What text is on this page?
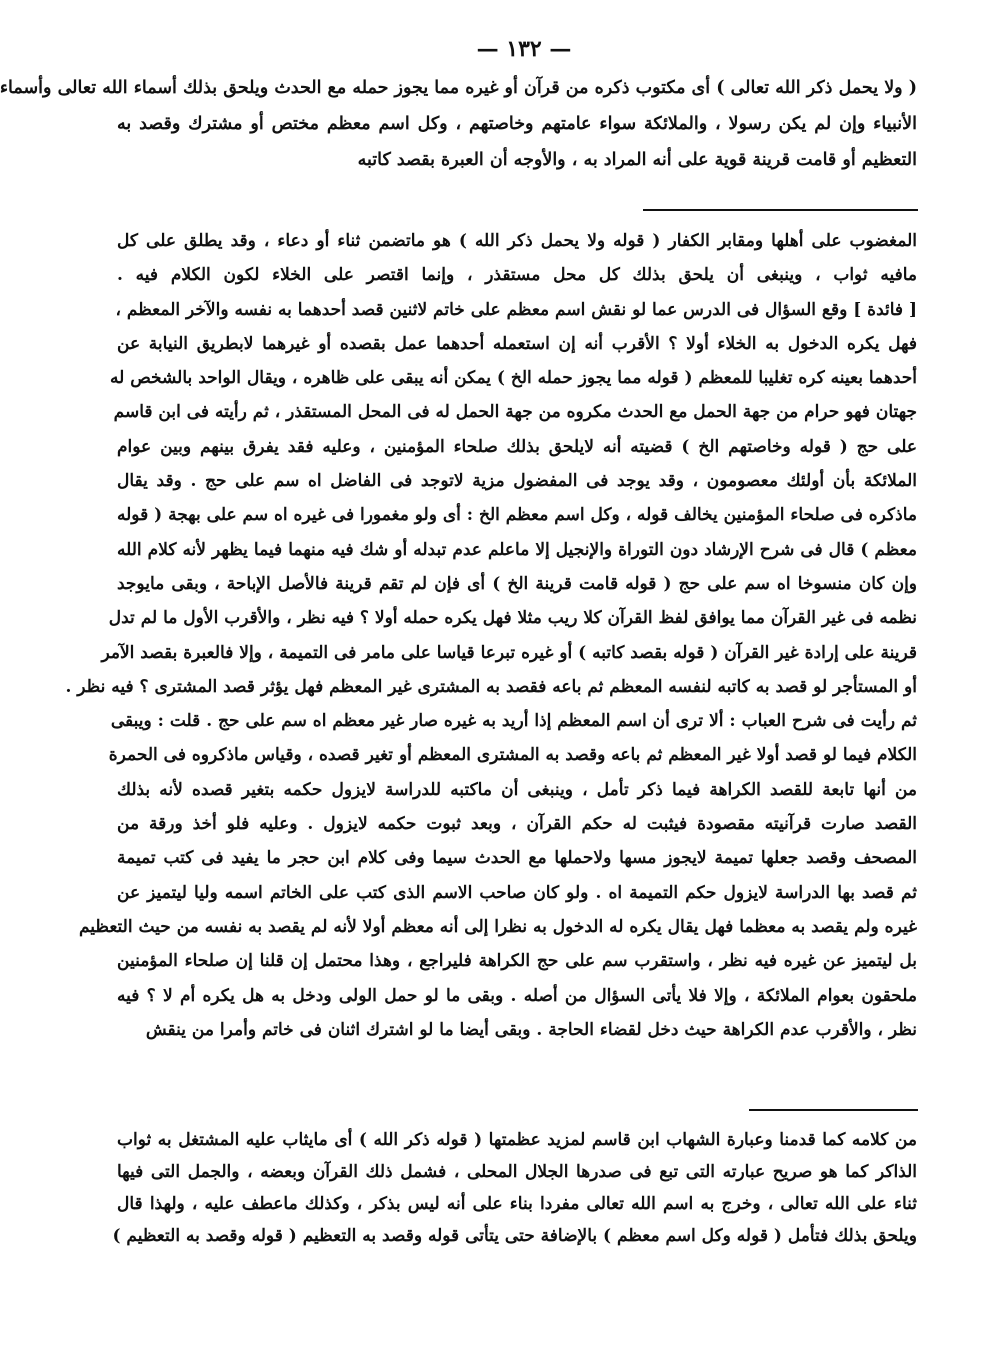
— ١٣٢ —
( ولا يحمل ذكر الله تعالى ) أى مكتوب ذكره من قرآن أو غيره مما يجوز حمله مع الحدث ويلحق بذلك أسماء الله تعالى وأسماء
الأنبياء وإن لم يكن رسولا ، والملائكة سواء عامتهم وخاصتهم ، وكل اسم معظم مختص أو مشترك وقصد به
التعظيم أو قامت قرينة قوية على أنه المراد به ، والأوجه أن العبرة بقصد كاتبه
المغضوب على أهلها ومقابر الكفار ( قوله ولا يحمل ذكر الله ) هو ماتضمن ثناء أو دعاء ، وقد يطلق على كل
مافيه ثواب ، وينبغى أن يلحق بذلك كل محل مستقذر ، وإنما اقتصر على الخلاء لكون الكلام فيه .
[ فائدة ] وقع السؤال فى الدرس عما لو نقش اسم معظم على خاتم لاثنين قصد أحدهما به نفسه والآخر المعظم ،
فهل يكره الدخول به الخلاء أولا ؟ الأقرب أنه إن استعمله أحدهما عمل بقصده أو غيرهما لابطريق النيابة عن
أحدهما بعينه كره تغليبا للمعظم ( قوله مما يجوز حمله الخ ) يمكن أنه يبقى على ظاهره ، ويقال الواحد بالشخص له
جهتان فهو حرام من جهة الحمل مع الحدث مكروه من جهة الحمل له فى المحل المستقذر ، ثم رأيته فى ابن قاسم
على حج ( قوله وخاصتهم الخ ) قضيته أنه لايلحق بذلك صلحاء المؤمنين ، وعليه فقد يفرق بينهم وبين عوام
الملائكة بأن أولئك معصومون ، وقد يوجد فى المفضول مزية لاتوجد فى الفاضل اه سم على حج . وقد يقال
ماذكره فى صلحاء المؤمنين يخالف قوله ، وكل اسم معظم الخ : أى ولو مغمورا فى غيره اه سم على بهجة ( قوله
معظم ) قال فى شرح الإرشاد دون التوراة والإنجيل إلا ماعلم عدم تبدله أو شك فيه منهما فيما يظهر لأنه كلام الله
وإن كان منسوخا اه سم على حج ( قوله قامت قرينة الخ ) أى فإن لم تقم قرينة فالأصل الإباحة ، وبقى مايوجد
نظمه فى غير القرآن مما يوافق لفظ القرآن كلا ريب مثلا فهل يكره حمله أولا ؟ فيه نظر ، والأقرب الأول ما لم تدل
قرينة على إرادة غير القرآن ( قوله بقصد كاتبه ) أو غيره تبرعا قياسا على مامر فى التميمة ، وإلا فالعبرة بقصد الآمر
أو المستأجر لو قصد به كاتبه لنفسه المعظم ثم باعه فقصد به المشترى غير المعظم فهل يؤثر قصد المشترى ؟ فيه نظر .
ثم رأيت فى شرح العباب : ألا ترى أن اسم المعظم إذا أريد به غيره صار غير معظم اه سم على حج . قلت : ويبقى
الكلام فيما لو قصد أولا غير المعظم ثم باعه وقصد به المشترى المعظم أو تغير قصده ، وقياس ماذكروه فى الحمرة
من أنها تابعة للقصد الكراهة فيما ذكر تأمل ، وينبغى أن ماكتبه للدراسة لايزول حكمه بتغير قصده لأنه بذلك
القصد صارت قرآنيته مقصودة فيثبت له حكم القرآن ، وبعد ثبوت حكمه لايزول . وعليه فلو أخذ ورقة من
المصحف وقصد جعلها تميمة لايجوز مسها ولاحملها مع الحدث سيما وفى كلام ابن حجر ما يفيد فى كتب تميمة
ثم قصد بها الدراسة لايزول حكم التميمة اه . ولو كان صاحب الاسم الذى كتب على الخاتم اسمه وليا ليتميز عن
غيره ولم يقصد به معظما فهل يقال يكره له الدخول به نظرا إلى أنه معظم أولا لأنه لم يقصد به نفسه من حيث التعظيم
بل ليتميز عن غيره فيه نظر ، واستقرب سم على حج الكراهة فليراجع ، وهذا محتمل إن قلنا إن صلحاء المؤمنين
ملحقون بعوام الملائكة ، وإلا فلا يأتى السؤال من أصله . وبقى ما لو حمل الولى ودخل به هل يكره أم لا ؟ فيه
نظر ، والأقرب عدم الكراهة حيث دخل لقضاء الحاجة . وبقى أيضا ما لو اشترك اثنان فى خاتم وأمرا من ينقش
من كلامه كما قدمنا وعبارة الشهاب ابن قاسم لمزيد عظمتها ( قوله ذكر الله ) أى مايثاب عليه المشتغل به ثواب
الذاكر كما هو صريح عبارته التى تبع فى صدرها الجلال المحلى ، فشمل ذلك القرآن وبعضه ، والجمل التى فيها
ثناء على الله تعالى ، وخرج به اسم الله تعالى مفردا بناء على أنه ليس بذكر ، وكذلك ماعطف عليه ، ولهذا قال
ويلحق بذلك فتأمل ( قوله وكل اسم معظم ) بالإضافة حتى يتأتى قوله وقصد به التعظيم ( قوله وقصد به التعظيم )
